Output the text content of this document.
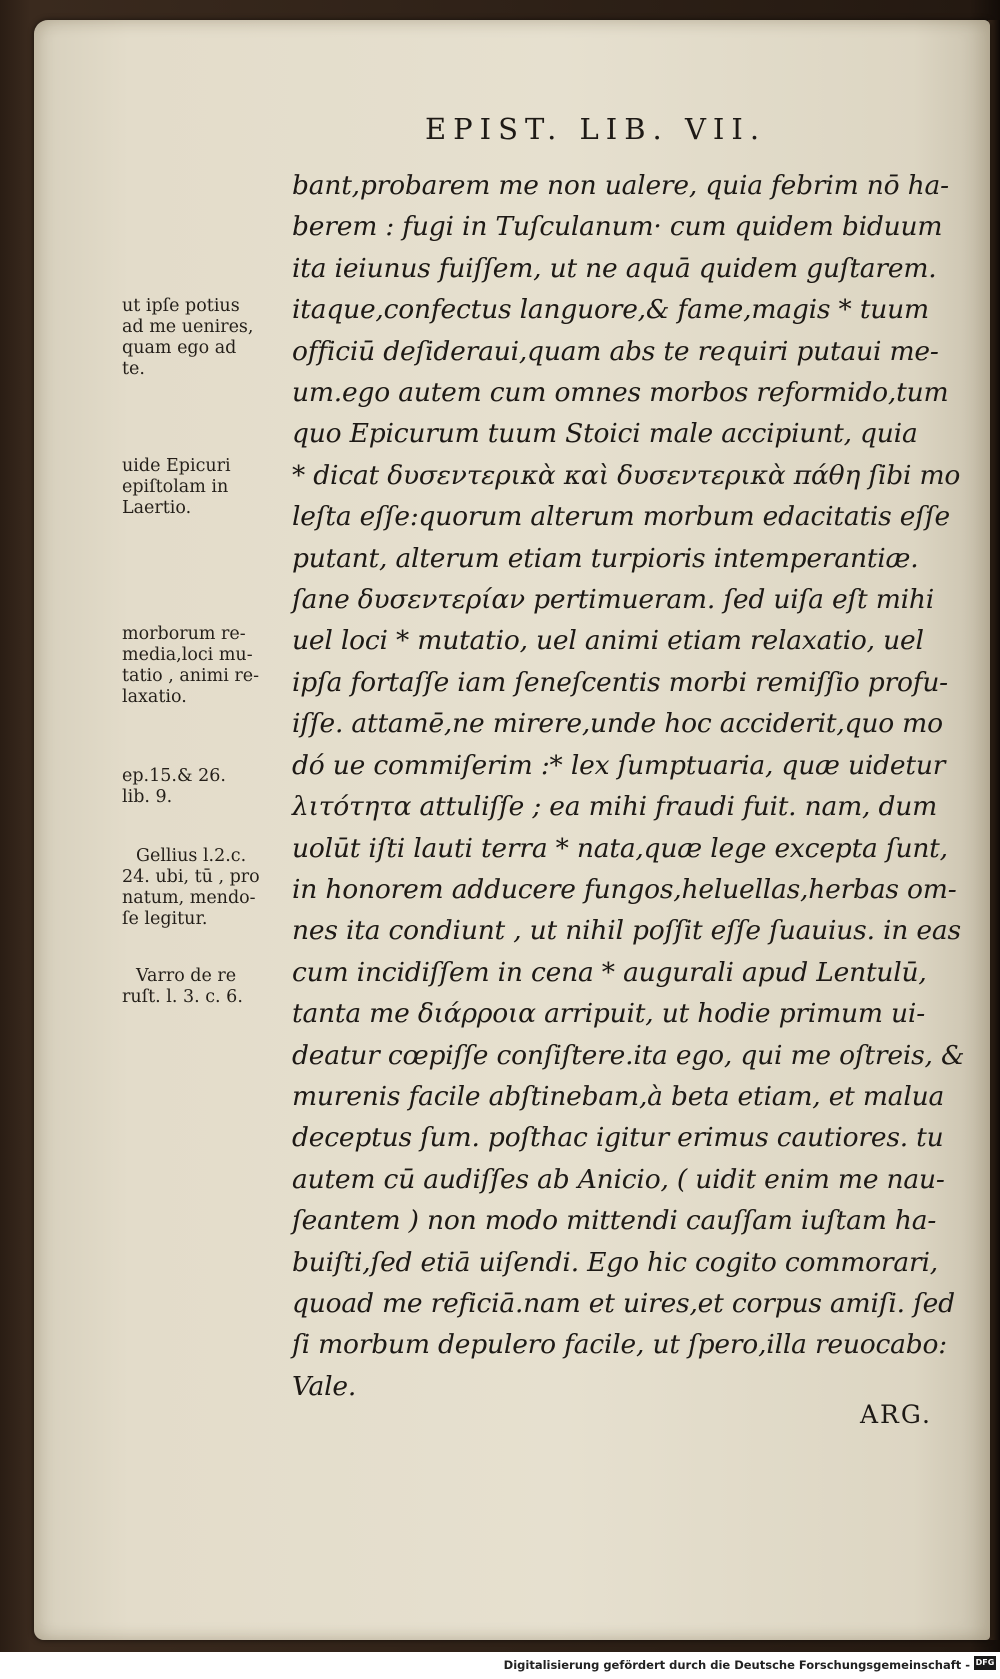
EPIST. LIB. VII.
bant,probarem me non ualere, quia febrim nō ha-
berem : fugi in Tuſculanum· cum quidem biduum
ita ieiunus fuiſſem, ut ne aquā quidem guſtarem.
itaque,confectus languore,& fame,magis * tuum
officiū deſideraui,quam abs te requiri putaui me-
um.ego autem cum omnes morbos reformido,tum
quo Epicurum tuum Stoici male accipiunt, quia
* dicat δυσεντερικὰ καὶ δυσεντερικὰ πάθη ſibi mo
leſta eſſe:quorum alterum morbum edacitatis eſſe
putant, alterum etiam turpioris intemperantiæ.
ſane δυσεντερίαν pertimueram. ſed uiſa eſt mihi
uel loci * mutatio, uel animi etiam relaxatio, uel
ipſa fortaſſe iam ſeneſcentis morbi remiſſio profu-
iſſe. attamē,ne mirere,unde hoc acciderit,quo mo
dó ue commiſerim :* lex ſumptuaria, quæ uidetur
λιτότητα attuliſſe ; ea mihi fraudi fuit. nam, dum
uolūt iſti lauti terra * nata,quæ lege excepta ſunt,
in honorem adducere fungos,heluellas,herbas om-
nes ita condiunt , ut nihil poſſit eſſe ſuauius. in eas
cum incidiſſem in cena * augurali apud Lentulū,
tanta me διάρροια arripuit, ut hodie primum ui-
deatur cœpiſſe conſiſtere.ita ego, qui me oſtreis, &
murenis facile abſtinebam,à beta etiam, et malua
deceptus ſum. poſthac igitur erimus cautiores. tu
autem cū audiſſes ab Anicio, ( uidit enim me nau-
ſeantem ) non modo mittendi cauſſam iuſtam ha-
buiſti,ſed etiā uiſendi. Ego hic cogito commorari,
quoad me reficiā.nam et uires,et corpus amiſi. ſed
ſi morbum depulero facile, ut ſpero,illa reuocabo:
Vale.
ut ipſe potius
ad me uenires,
quam ego ad
te.
uide Epicuri
epiſtolam in
Laertio.
morborum re-
media,loci mu-
tatio , animi re-
laxatio.
ep.15.& 26.
lib. 9.
Gellius l.2.c.
24. ubi, tū , pro
natum, mendo-
ſe legitur.
Varro de re
ruſt. l. 3. c. 6.
ARG.
Digitalisierung gefördert durch die Deutsche Forschungsgemeinschaft - DFG
